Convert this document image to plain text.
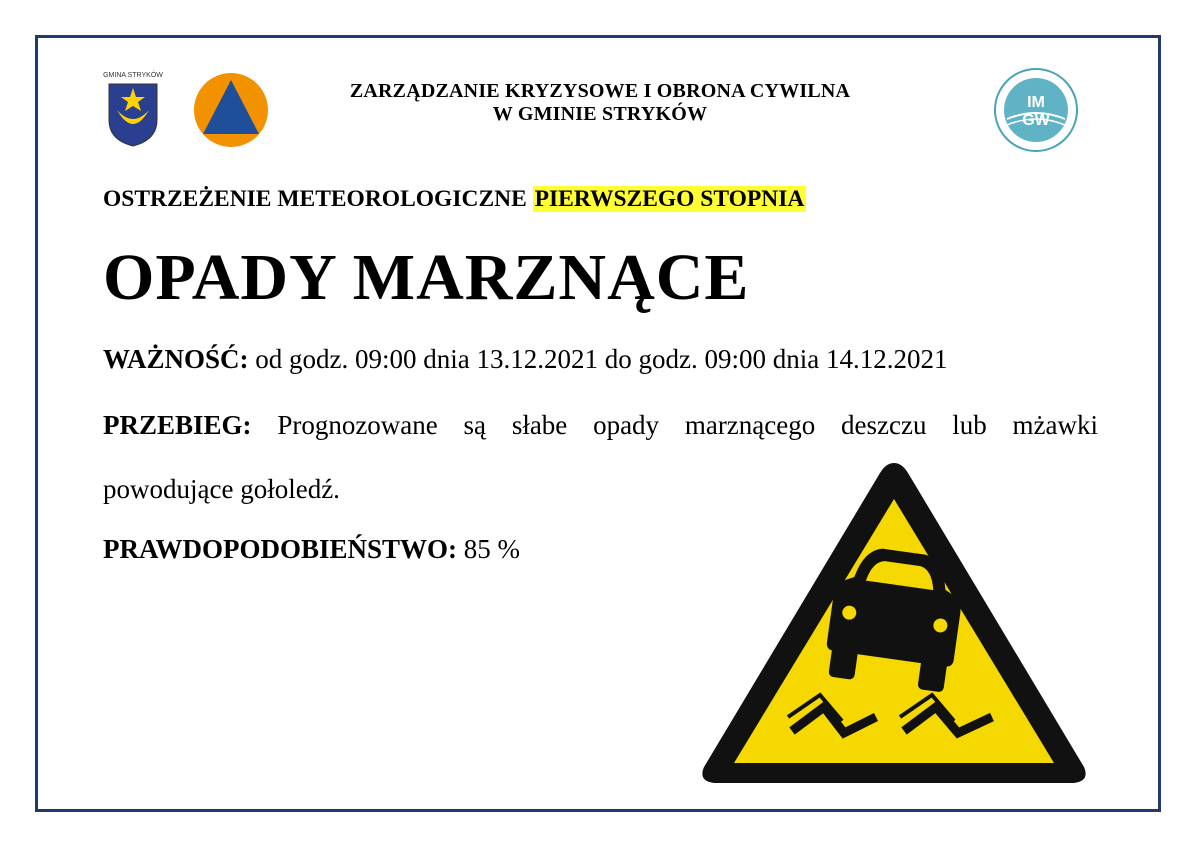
GMINA STRYKÓW
ZARZĄDZANIE KRYZYSOWE I OBRONA CYWILNA
W GMINIE STRYKÓW
IM
GW
OSTRZEŻENIE METEOROLOGICZNE PIERWSZEGO STOPNIA
OPADY MARZNĄCE
WAŻNOŚĆ: od godz. 09:00 dnia 13.12.2021 do godz. 09:00 dnia 14.12.2021
PRZEBIEG: Prognozowane są słabe opady marznącego deszczu lub mżawki
powodujące gołoledź.
PRAWDOPODOBIEŃSTWO: 85 %
